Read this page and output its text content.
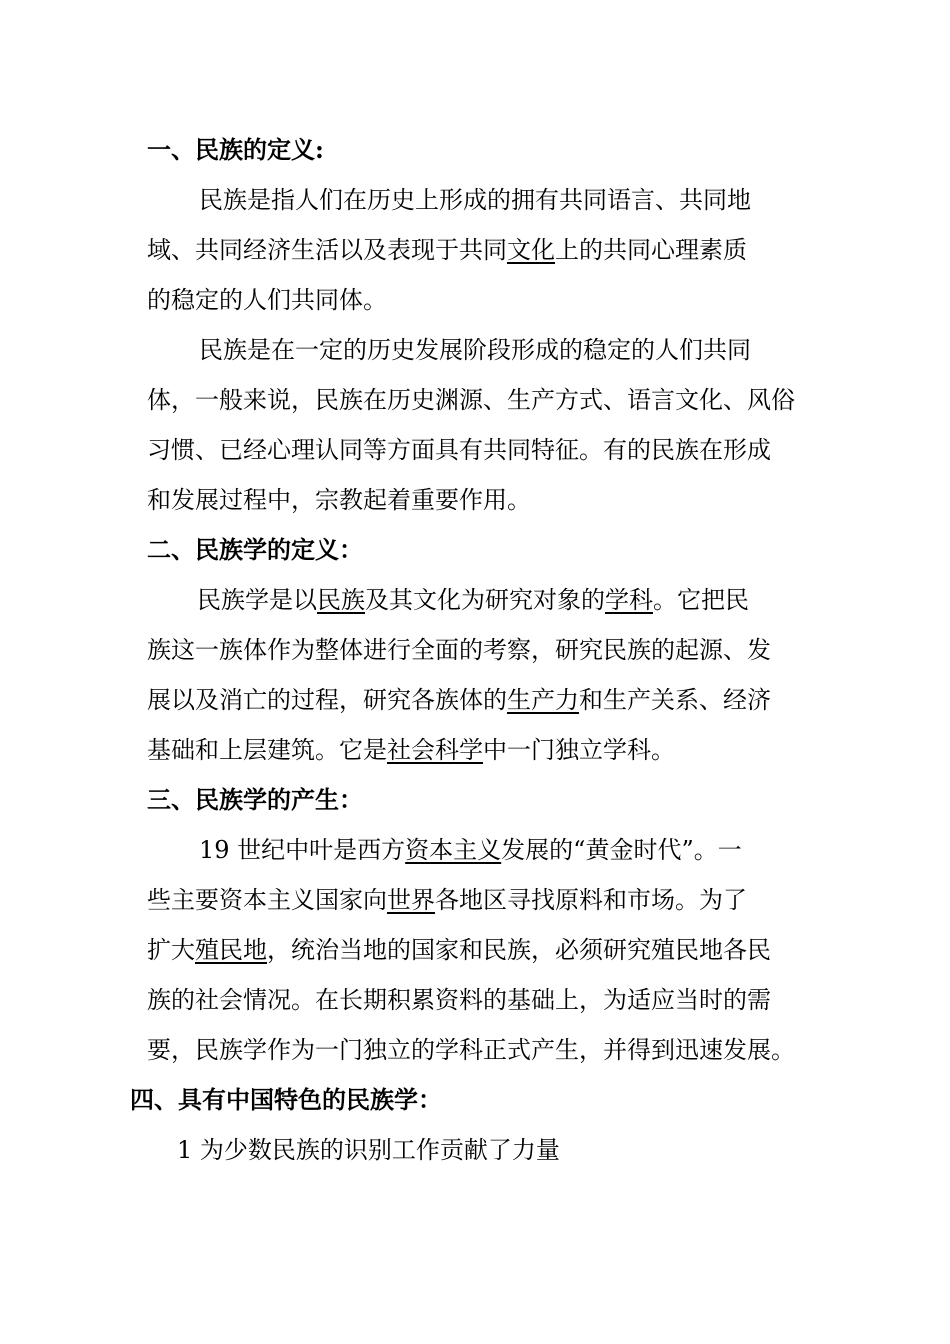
一、民族的定义:

民族是指人们在历史上形成的拥有共同语言、共同地

域、共同经济生活以及表现于共同文化上的共同心理素质

的稳定的人们共同体。

民族是在一定的历史发展阶段形成的稳定的人们共同

体，一般来说，民族在历史渊源、生产方式、语言文化、风俗

习惯、已经心理认同等方面具有共同特征。有的民族在形成

和发展过程中，宗教起着重要作用。

二、民族学的定义：

民族学是以民族及其文化为研究对象的学科。它把民

族这一族体作为整体进行全面的考察，研究民族的起源、发

展以及消亡的过程，研究各族体的生产力和生产关系、经济

基础和上层建筑。它是社会科学中一门独立学科。

三、民族学的产生：

19 世纪中叶是西方资本主义发展的“黄金时代”。一

些主要资本主义国家向世界各地区寻找原料和市场。为了

扩大殖民地，统治当地的国家和民族，必须研究殖民地各民

族的社会情况。在长期积累资料的基础上，为适应当时的需

要，民族学作为一门独立的学科正式产生，并得到迅速发展。

四、具有中国特色的民族学：

1 为少数民族的识别工作贡献了力量
